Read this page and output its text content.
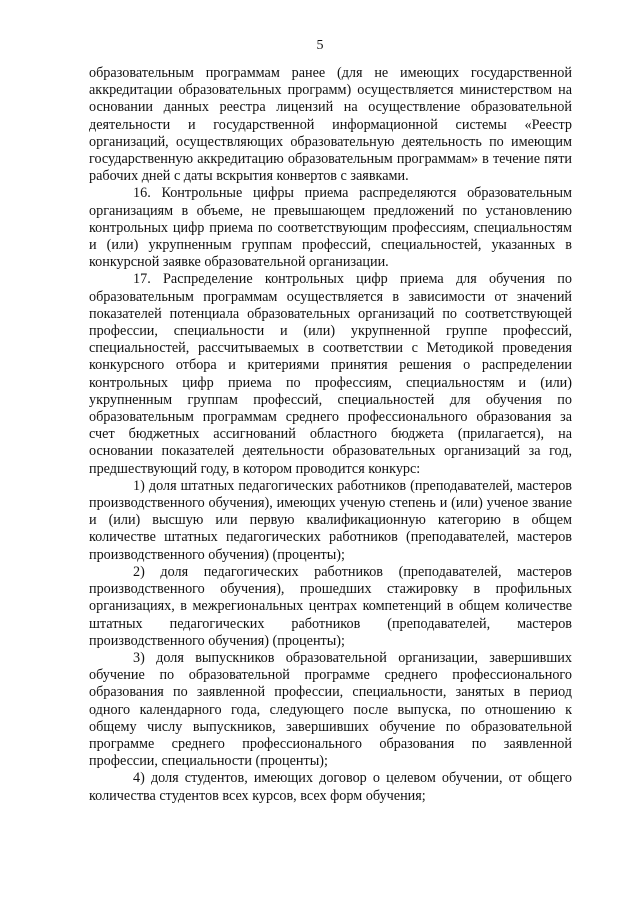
5

образовательным программам ранее (для не имеющих государственной аккредитации образовательных программ) осуществляется министерством на основании данных реестра лицензий на осуществление образовательной деятельности и государственной информационной системы «Реестр организаций, осуществляющих образовательную деятельность по имеющим государственную аккредитацию образовательным программам» в течение пяти рабочих дней с даты вскрытия конвертов с заявками.

16. Контрольные цифры приема распределяются образовательным организациям в объеме, не превышающем предложений по установлению контрольных цифр приема по соответствующим профессиям, специальностям и (или) укрупненным группам профессий, специальностей, указанных в конкурсной заявке образовательной организации.

17. Распределение контрольных цифр приема для обучения по образовательным программам осуществляется в зависимости от значений показателей потенциала образовательных организаций по соответствующей профессии, специальности и (или) укрупненной группе профессий, специальностей, рассчитываемых в соответствии с Методикой проведения конкурсного отбора и критериями принятия решения о распределении контрольных цифр приема по профессиям, специальностям и (или) укрупненным группам профессий, специальностей для обучения по образовательным программам среднего профессионального образования за счет бюджетных ассигнований областного бюджета (прилагается), на основании показателей деятельности образовательных организаций за год, предшествующий году, в котором проводится конкурс:

1) доля штатных педагогических работников (преподавателей, мастеров производственного обучения), имеющих ученую степень и (или) ученое звание и (или) высшую или первую квалификационную категорию в общем количестве штатных педагогических работников (преподавателей, мастеров производственного обучения) (проценты);

2) доля педагогических работников (преподавателей, мастеров производственного обучения), прошедших стажировку в профильных организациях, в межрегиональных центрах компетенций в общем количестве штатных педагогических работников (преподавателей, мастеров производственного обучения) (проценты);

3) доля выпускников образовательной организации, завершивших обучение по образовательной программе среднего профессионального образования по заявленной профессии, специальности, занятых в период одного календарного года, следующего после выпуска, по отношению к общему числу выпускников, завершивших обучение по образовательной программе среднего профессионального образования по заявленной профессии, специальности (проценты);

4) доля студентов, имеющих договор о целевом обучении, от общего количества студентов всех курсов, всех форм обучения;
